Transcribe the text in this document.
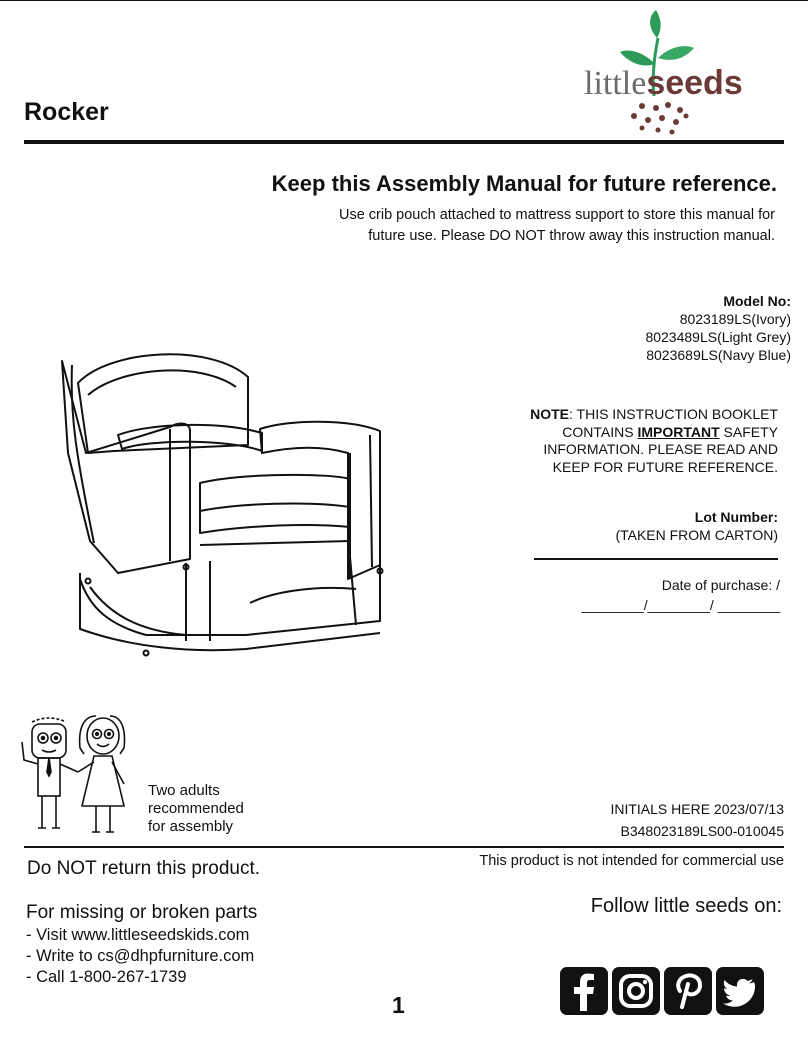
Rocker
littleseeds
Keep this Assembly Manual for future reference.
Use crib pouch attached to mattress support to store this manual for
future use. Please DO NOT throw away this instruction manual.
Model No:
8023189LS(Ivory)
8023489LS(Light Grey)
8023689LS(Navy Blue)
NOTE: THIS INSTRUCTION BOOKLET
CONTAINS IMPORTANT SAFETY
INFORMATION. PLEASE READ AND
KEEP FOR FUTURE REFERENCE.
Lot Number:
(TAKEN FROM CARTON)
Date of purchase: /
________/________/ ________
Two adults
recommended
for assembly
INITIALS HERE 2023/07/13
B348023189LS00-010045
Do NOT return this product.	This product is not intended for commercial use
For missing or broken parts
- Visit www.littleseedskids.com
- Write to cs@dhpfurniture.com
- Call 1-800-267-1739
Follow little seeds on:
1
